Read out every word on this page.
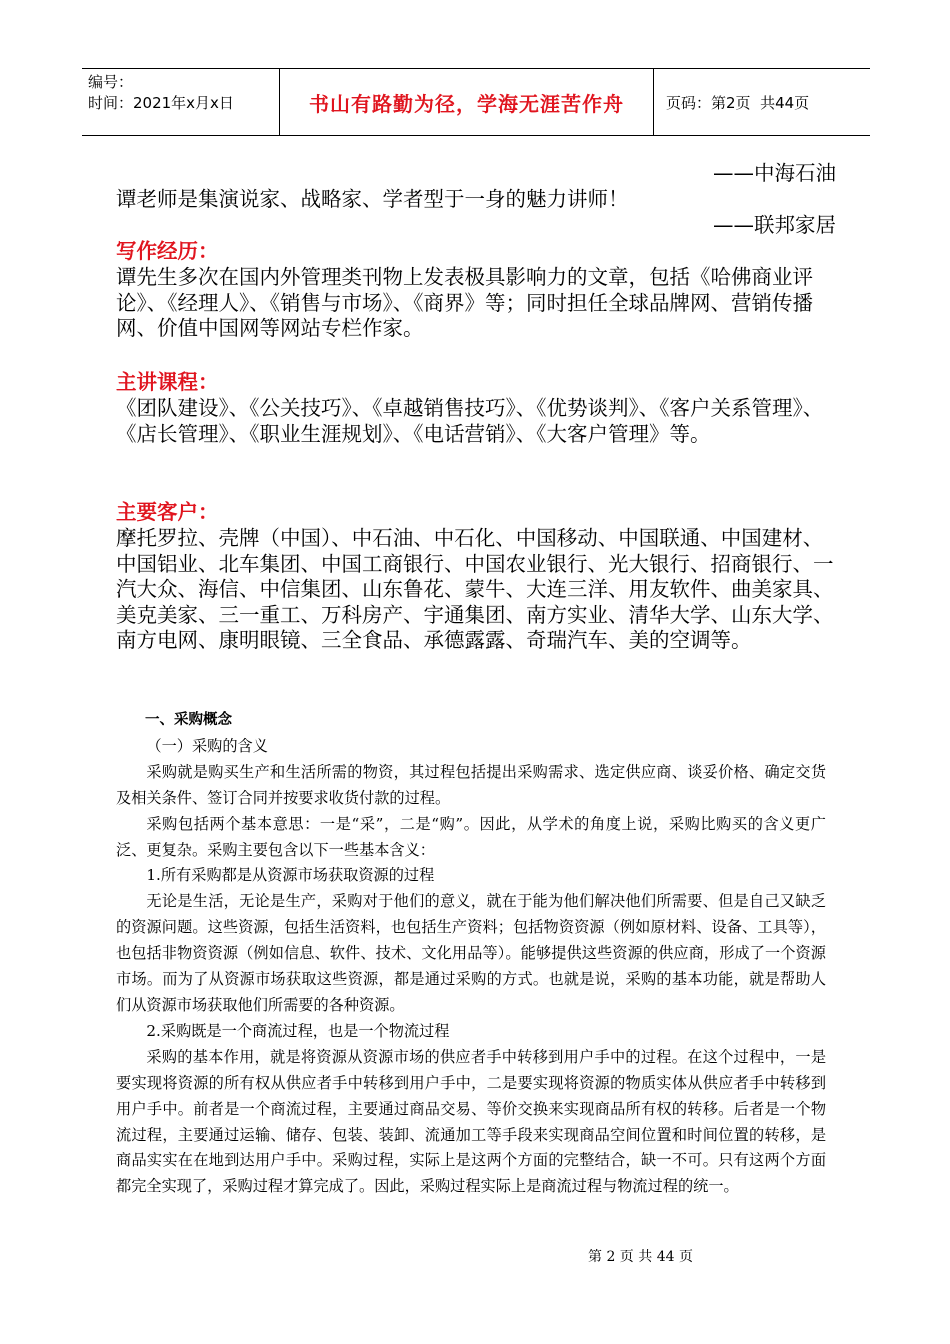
编号：
时间：2021年x月x日	书山有路勤为径，学海无涯苦作舟	页码：第2页  共44页
——中海石油
谭老师是集演说家、战略家、学者型于一身的魅力讲师！
——联邦家居
写作经历：
谭先生多次在国内外管理类刊物上发表极具影响力的文章，包括《哈佛商业评论》、《经理人》、《销售与市场》、《商界》等；同时担任全球品牌网、营销传播网、价值中国网等网站专栏作家。
主讲课程：
《团队建设》、《公关技巧》、《卓越销售技巧》、《优势谈判》、《客户关系管理》、《店长管理》、《职业生涯规划》、《电话营销》、《大客户管理》等。
主要客户：
摩托罗拉、壳牌（中国）、中石油、中石化、中国移动、中国联通、中国建材、中国铝业、北车集团、中国工商银行、中国农业银行、光大银行、招商银行、一汽大众、海信、中信集团、山东鲁花、蒙牛、大连三洋、用友软件、曲美家具、美克美家、三一重工、万科房产、宇通集团、南方实业、清华大学、山东大学、南方电网、康明眼镜、三全食品、承德露露、奇瑞汽车、美的空调等。

一、采购概念

（一）采购的含义

采购就是购买生产和生活所需的物资，其过程包括提出采购需求、选定供应商、谈妥价格、确定交货及相关条件、签订合同并按要求收货付款的过程。

采购包括两个基本意思：一是“采”，二是“购”。因此，从学术的角度上说，采购比购买的含义更广泛、更复杂。采购主要包含以下一些基本含义：

1.所有采购都是从资源市场获取资源的过程

无论是生活，无论是生产，采购对于他们的意义，就在于能为他们解决他们所需要、但是自己又缺乏的资源问题。这些资源，包括生活资料，也包括生产资料；包括物资资源（例如原材料、设备、工具等），也包括非物资资源（例如信息、软件、技术、文化用品等）。能够提供这些资源的供应商，形成了一个资源市场。而为了从资源市场获取这些资源，都是通过采购的方式。也就是说，采购的基本功能，就是帮助人们从资源市场获取他们所需要的各种资源。

2.采购既是一个商流过程，也是一个物流过程

采购的基本作用，就是将资源从资源市场的供应者手中转移到用户手中的过程。在这个过程中，一是要实现将资源的所有权从供应者手中转移到用户手中，二是要实现将资源的物质实体从供应者手中转移到用户手中。前者是一个商流过程，主要通过商品交易、等价交换来实现商品所有权的转移。后者是一个物流过程，主要通过运输、储存、包装、装卸、流通加工等手段来实现商品空间位置和时间位置的转移，是商品实实在在地到达用户手中。采购过程，实际上是这两个方面的完整结合，缺一不可。只有这两个方面都完全实现了，采购过程才算完成了。因此，采购过程实际上是商流过程与物流过程的统一。

第 2 页 共 44 页
